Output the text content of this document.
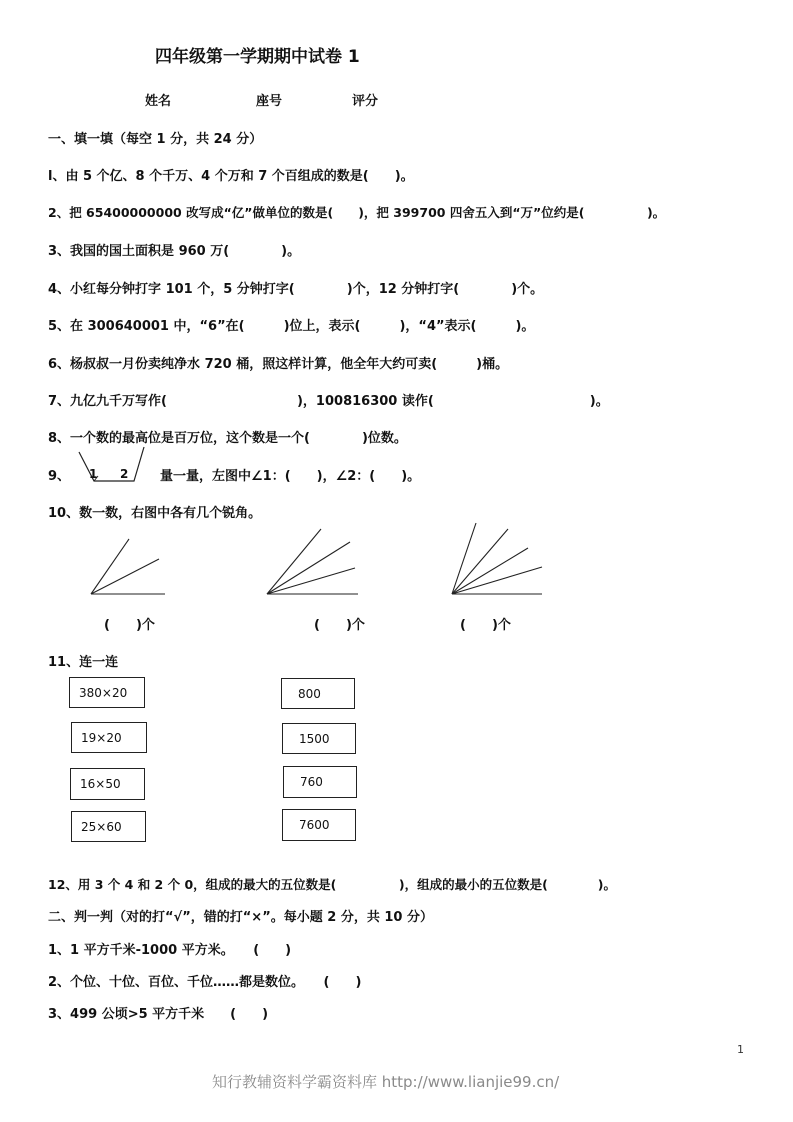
四年级第一学期期中试卷 1
姓名	座号	评分
一、填一填（每空 1 分，共 24 分）
l、由 5 个亿、8 个千万、4 个万和 7 个百组成的数是(　　)。
2、把 65400000000 改写成“亿”做单位的数是(　　)，把 399700 四舍五入到“万”位约是(　　　　　)。
3、我国的国土面积是 960 万(　　　　)。
4、小红每分钟打字 101 个，5 分钟打字(　　　　)个，12 分钟打字(　　　　)个。
5、在 300640001 中，“6”在(　　　)位上，表示(　　　)，“4”表示(　　　)。
6、杨叔叔一月份卖纯净水 720 桶，照这样计算，他全年大约可卖(　　　)桶。
7、九亿九千万写作(　　　　　　　　　　)，100816300 读作(　　　　　　　　　　　　)。
8、一个数的最高位是百万位，这个数是一个(　　　　)位数。
9、 1 2 量一量，左图中∠1：(　　)，∠2：(　　)。
10、数一数，右图中各有几个锐角。
(　　)个	(　　)个	(　　)个
11、连一连
380×20
19×20
16×50
25×60
800
1500
760
7600
12、用 3 个 4 和 2 个 0，组成的最大的五位数是(　　　　　)，组成的最小的五位数是(　　　　)。
二、判一判（对的打“√”，错的打“×”。每小题 2 分，共 10 分）
1、1 平方千米-1000 平方米。　　(　　)
2、个位、十位、百位、千位……都是数位。　　(　　)
3、499 公顷>5 平方千米　　(　　)
1
知行教辅资料学霸资料库 http://www.lianjie99.cn/
